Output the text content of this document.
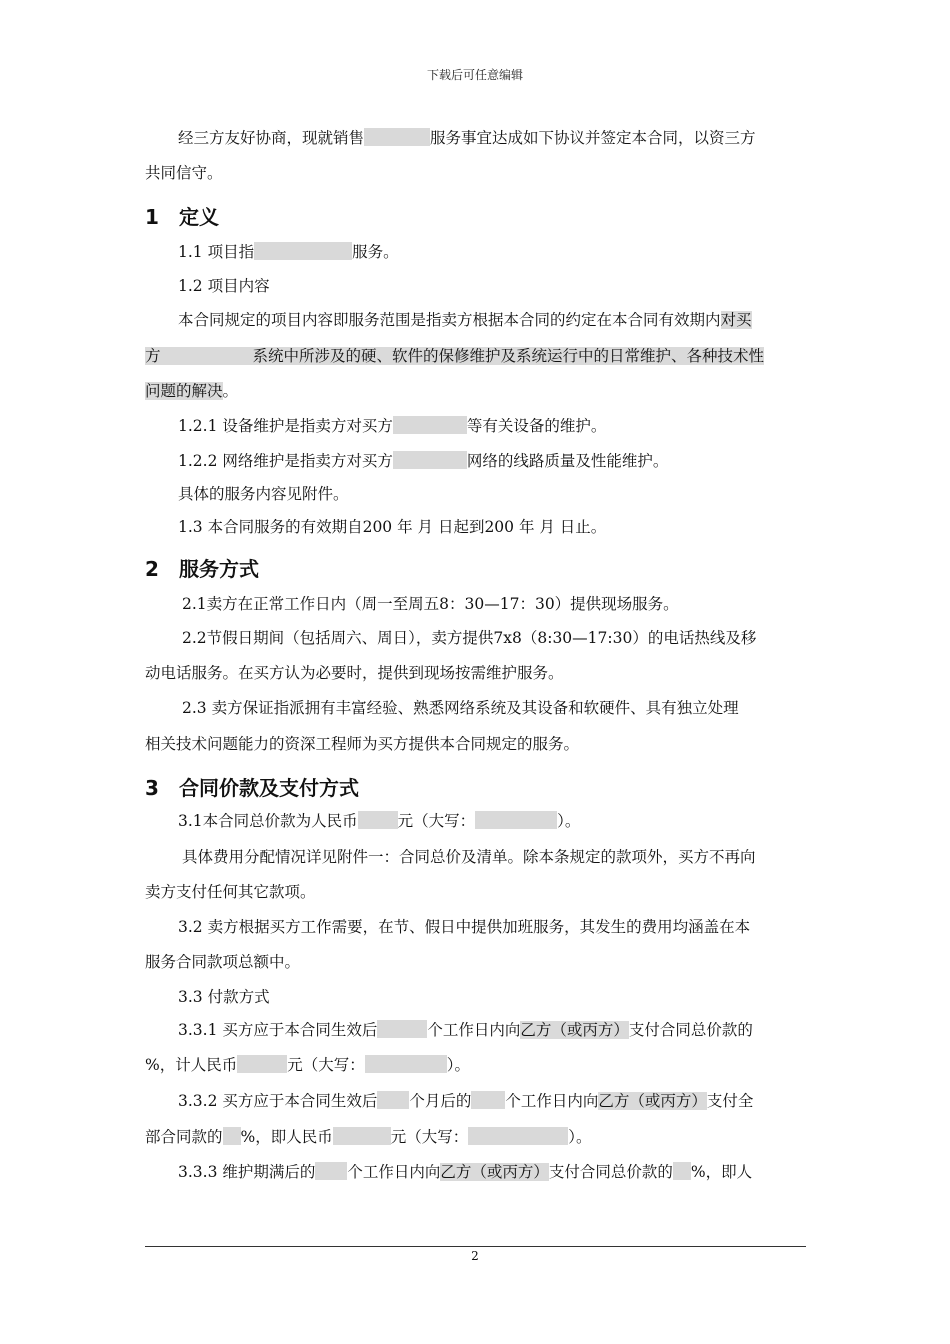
下载后可任意编辑
经三方友好协商，现就销售	服务事宜达成如下协议并签定本合同，以资三方
共同信守。
1 定义
1.1 项目指	服务。
1.2 项目内容
本合同规定的项目内容即服务范围是指卖方根据本合同的约定在本合同有效期内对买
方	系统中所涉及的硬、软件的保修维护及系统运行中的日常维护、各种技术性
问题的解决。
1.2.1 设备维护是指卖方对买方	等有关设备的维护。
1.2.2 网络维护是指卖方对买方	网络的线路质量及性能维护。
具体的服务内容见附件。
1.3 本合同服务的有效期自200 年 月 日起到200 年 月 日止。
2 服务方式
2.1卖方在正常工作日内（周一至周五8：30—17：30）提供现场服务。
2.2节假日期间（包括周六、周日），卖方提供7x8（8:30—17:30）的电话热线及移
动电话服务。在买方认为必要时，提供到现场按需维护服务。
2.3 卖方保证指派拥有丰富经验、熟悉网络系统及其设备和软硬件、具有独立处理
相关技术问题能力的资深工程师为买方提供本合同规定的服务。
3 合同价款及支付方式
3.1本合同总价款为人民币	元（大写：	）。
具体费用分配情况详见附件一：合同总价及清单。除本条规定的款项外，买方不再向
卖方支付任何其它款项。
3.2 卖方根据买方工作需要，在节、假日中提供加班服务，其发生的费用均涵盖在本
服务合同款项总额中。
3.3 付款方式
3.3.1 买方应于本合同生效后	个工作日内向乙方（或丙方）支付合同总价款的
%，计人民币	元（大写：	）。
3.3.2 买方应于本合同生效后 个月后的 个工作日内向乙方（或丙方）支付全
部合同款的 %，即人民币	元（大写：	）。
3.3.3 维护期满后的 个工作日内向乙方（或丙方）支付合同总价款的 %，即人
2
